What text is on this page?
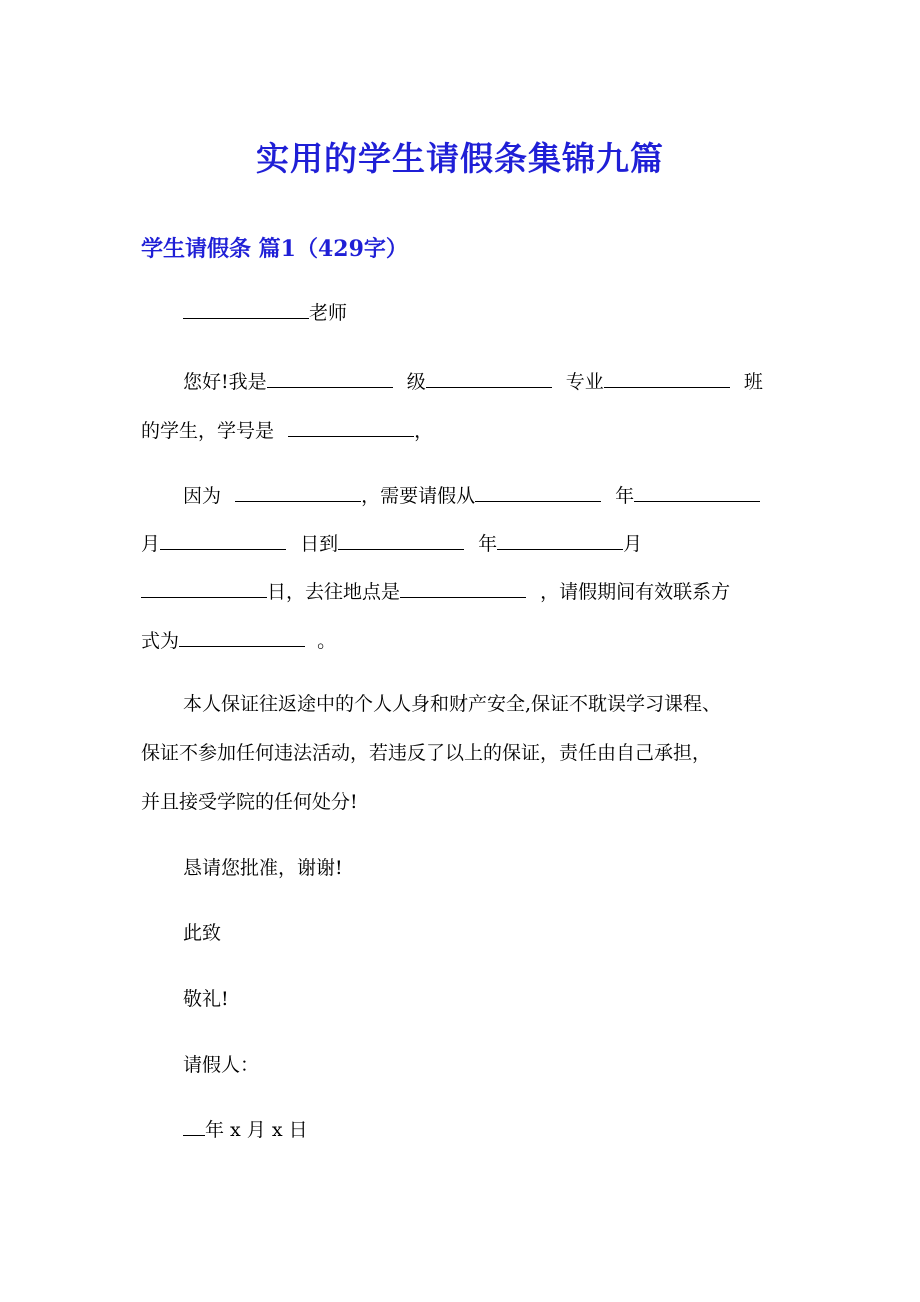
实用的学生请假条集锦九篇
学生请假条 篇1（429字）
老师
您好!我是	级	专业	班
的学生，学号是	，
因为	，需要请假从	年
月	日到	年	月
日，去往地点是	，请假期间有效联系方
式为	。
本人保证往返途中的个人人身和财产安全,保证不耽误学习课程、
保证不参加任何违法活动，若违反了以上的保证，责任由自己承担，
并且接受学院的任何处分!
恳请您批准，谢谢!
此致
敬礼!
请假人：
年 x 月 x 日
